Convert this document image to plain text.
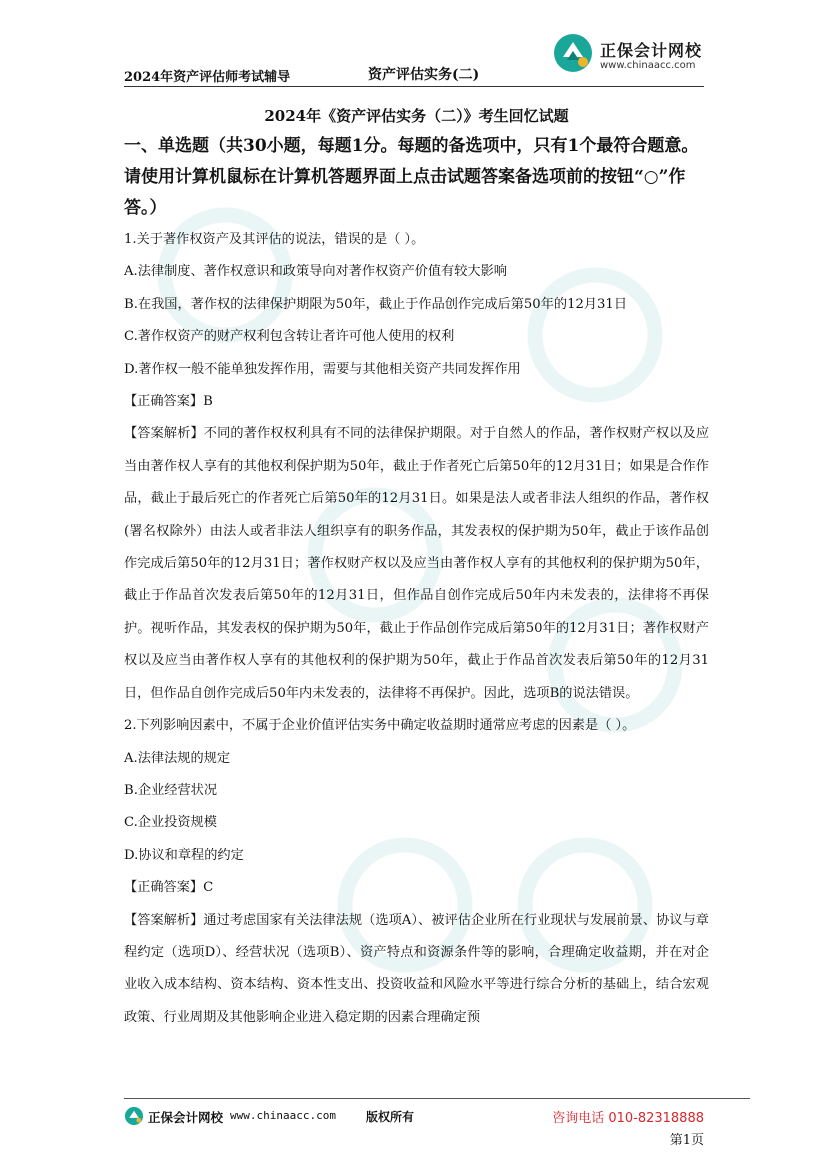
2024年资产评估师考试辅导	资产评估实务(二)
正保会计网校
www.chinaacc.com
2024年《资产评估实务（二）》考生回忆试题
一、单选题（共30小题，每题1分。每题的备选项中，只有1个最符合题意。请使用计算机鼠标在计算机答题界面上点击试题答案备选项前的按钮“○”作答。）
1.关于著作权资产及其评估的说法，错误的是（ ）。
A.法律制度、著作权意识和政策导向对著作权资产价值有较大影响
B.在我国，著作权的法律保护期限为50年，截止于作品创作完成后第50年的12月31日
C.著作权资产的财产权利包含转让者许可他人使用的权利
D.著作权一般不能单独发挥作用，需要与其他相关资产共同发挥作用
【正确答案】B
【答案解析】不同的著作权权利具有不同的法律保护期限。对于自然人的作品，著作权财产权以及应当由著作权人享有的其他权利保护期为50年，截止于作者死亡后第50年的12月31日；如果是合作作品，截止于最后死亡的作者死亡后第50年的12月31日。如果是法人或者非法人组织的作品，著作权(署名权除外）由法人或者非法人组织享有的职务作品，其发表权的保护期为50年，截止于该作品创作完成后第50年的12月31日；著作权财产权以及应当由著作权人享有的其他权利的保护期为50年，截止于作品首次发表后第50年的12月31日，但作品自创作完成后50年内未发表的，法律将不再保护。视听作品，其发表权的保护期为50年，截止于作品创作完成后第50年的12月31日；著作权财产权以及应当由著作权人享有的其他权利的保护期为50年，截止于作品首次发表后第50年的12月31日，但作品自创作完成后50年内未发表的，法律将不再保护。因此，选项B的说法错误。
2.下列影响因素中，不属于企业价值评估实务中确定收益期时通常应考虑的因素是（ ）。
A.法律法规的规定
B.企业经营状况
C.企业投资规模
D.协议和章程的约定
【正确答案】C
【答案解析】通过考虑国家有关法律法规（选项A）、被评估企业所在行业现状与发展前景、协议与章程约定（选项D）、经营状况（选项B）、资产特点和资源条件等的影响，合理确定收益期，并在对企业收入成本结构、资本结构、资本性支出、投资收益和风险水平等进行综合分析的基础上，结合宏观政策、行业周期及其他影响企业进入稳定期的因素合理确定预
正保会计网校 www.chinaacc.com	版权所有	咨询电话 010-82318888
第1页
